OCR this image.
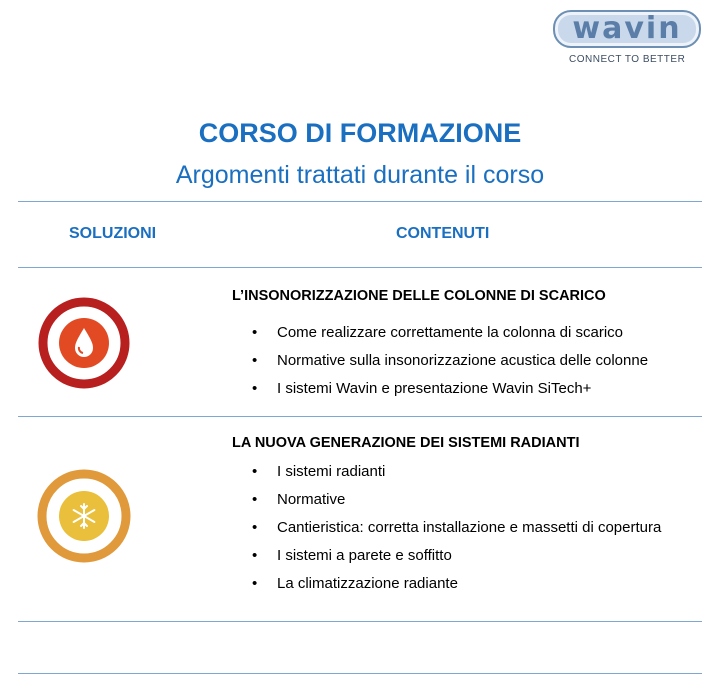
wavin
CONNECT TO BETTER
CORSO DI FORMAZIONE
Argomenti trattati durante il corso
SOLUZIONI	CONTENUTI
L’INSONORIZZAZIONE DELLE COLONNE DI SCARICO
• Come realizzare correttamente la colonna di scarico
• Normative sulla insonorizzazione acustica delle colonne
• I sistemi Wavin e presentazione Wavin SiTech+
LA NUOVA GENERAZIONE DEI SISTEMI RADIANTI
• I sistemi radianti
• Normative
• Cantieristica: corretta installazione e massetti di copertura
• I sistemi a parete e soffitto
• La climatizzazione radiante
